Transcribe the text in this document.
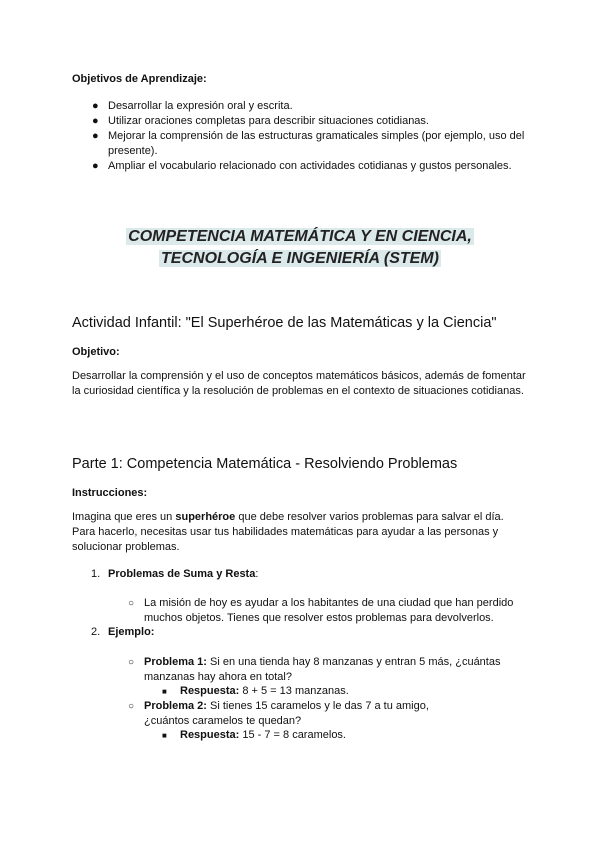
Objetivos de Aprendizaje:
● Desarrollar la expresión oral y escrita.
● Utilizar oraciones completas para describir situaciones cotidianas.
● Mejorar la comprensión de las estructuras gramaticales simples (por ejemplo, uso del presente).
● Ampliar el vocabulario relacionado con actividades cotidianas y gustos personales.
COMPETENCIA MATEMÁTICA Y EN CIENCIA,
TECNOLOGÍA E INGENIERÍA (STEM)
Actividad Infantil: "El Superhéroe de las Matemáticas y la Ciencia"
Objetivo:
Desarrollar la comprensión y el uso de conceptos matemáticos básicos, además de fomentar la curiosidad científica y la resolución de problemas en el contexto de situaciones cotidianas.
Parte 1: Competencia Matemática - Resolviendo Problemas
Instrucciones:
Imagina que eres un superhéroe que debe resolver varios problemas para salvar el día. Para hacerlo, necesitas usar tus habilidades matemáticas para ayudar a las personas y solucionar problemas.
1. Problemas de Suma y Resta:
○ La misión de hoy es ayudar a los habitantes de una ciudad que han perdido muchos objetos. Tienes que resolver estos problemas para devolverlos.
2. Ejemplo:
○ Problema 1: Si en una tienda hay 8 manzanas y entran 5 más, ¿cuántas manzanas hay ahora en total?
■ Respuesta: 8 + 5 = 13 manzanas.
○ Problema 2: Si tienes 15 caramelos y le das 7 a tu amigo, ¿cuántos caramelos te quedan?
■ Respuesta: 15 - 7 = 8 caramelos.
